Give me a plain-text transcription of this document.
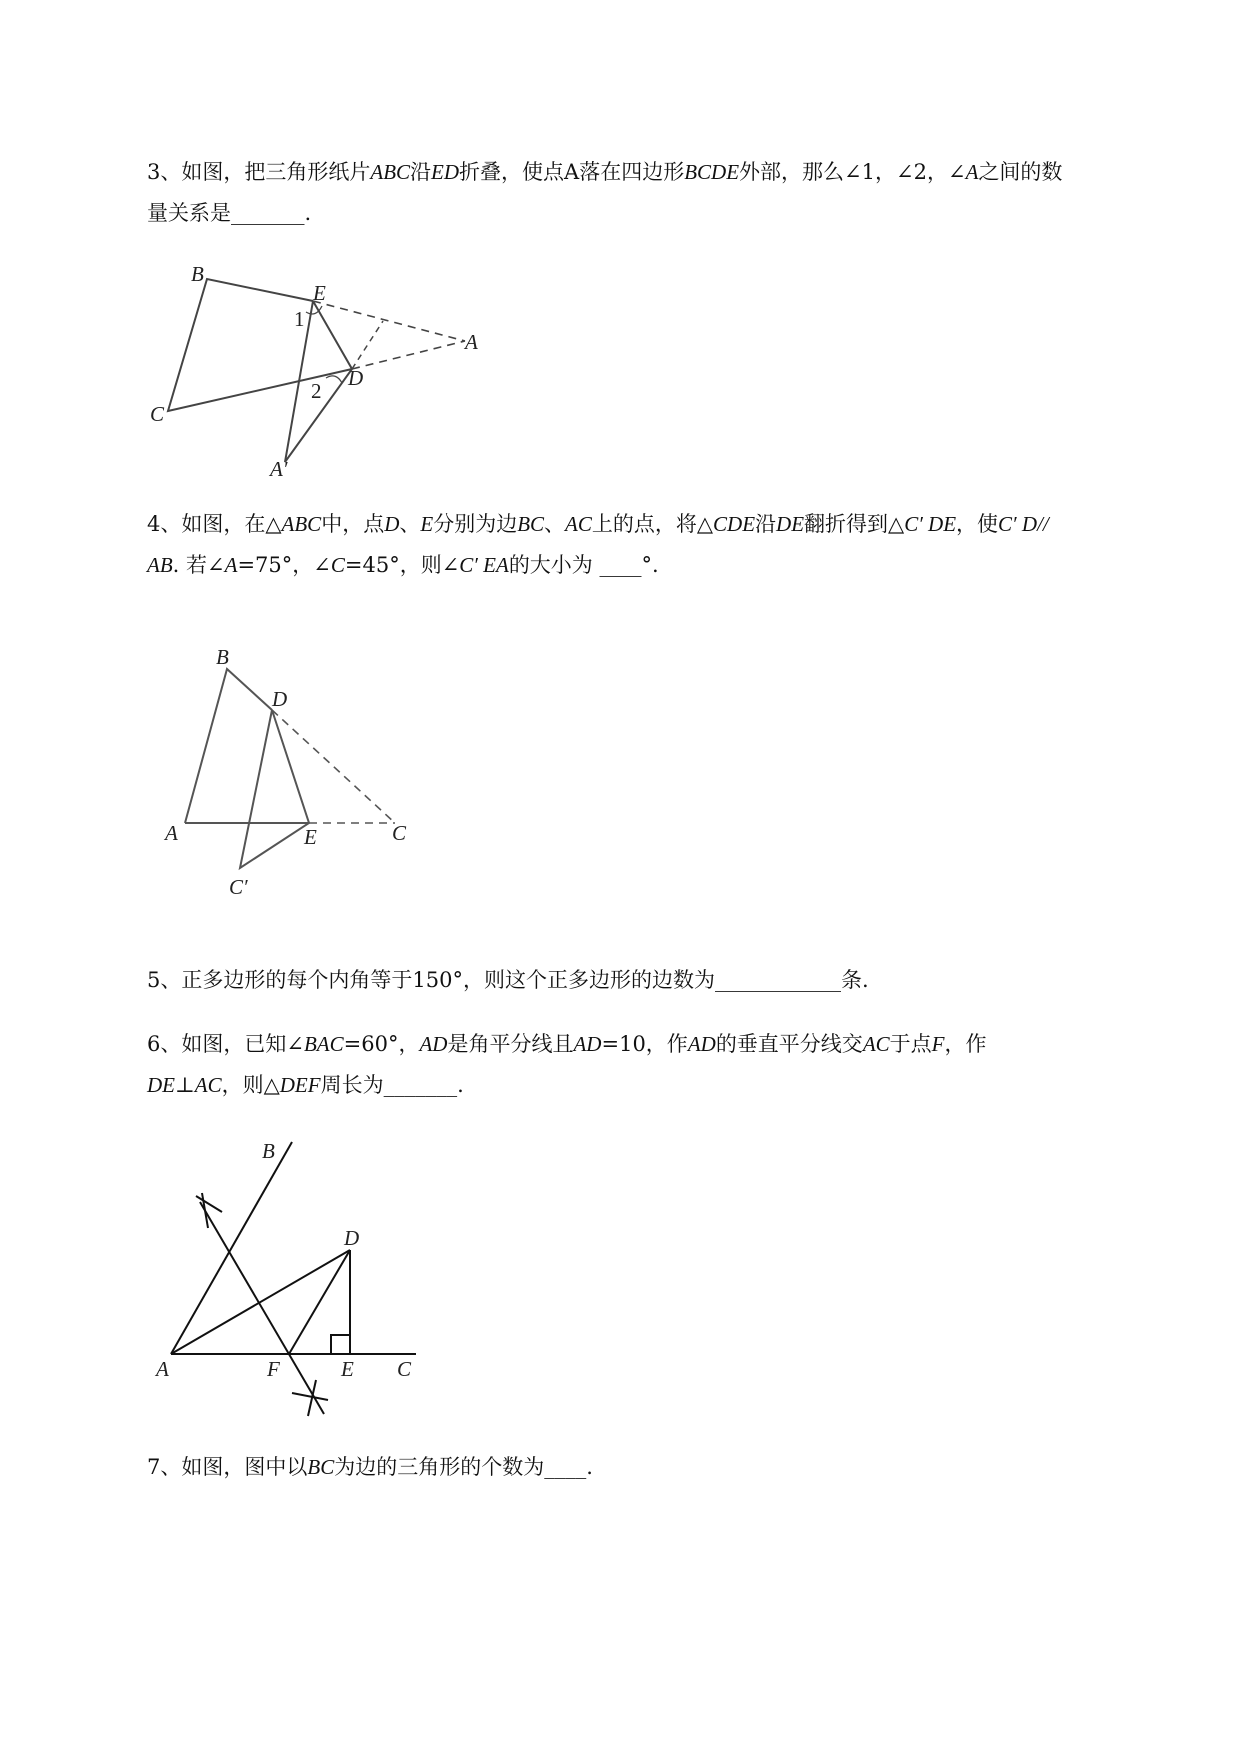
3、如图，把三角形纸片ABC沿ED折叠，使点A落在四边形BCDE外部，那么∠1，∠2，∠A之间的数
量关系是_______.
B
E
A
1
D
2
C
A′
4、如图，在△ABC中，点D、E分别为边BC、AC上的点，将△CDE沿DE翻折得到△C′ DE，使C′ D//
AB. 若∠A=75°，∠C=45°，则∠C′ EA的大小为 ____°.
B
D
A	E	C
C′
5、正多边形的每个内角等于150°，则这个正多边形的边数为____________条.
6、如图，已知∠BAC=60°，AD是角平分线且AD=10，作AD的垂直平分线交AC于点F，作
DE⊥AC，则△DEF周长为_______.
B
D
A	F	E C
7、如图，图中以BC为边的三角形的个数为____.
